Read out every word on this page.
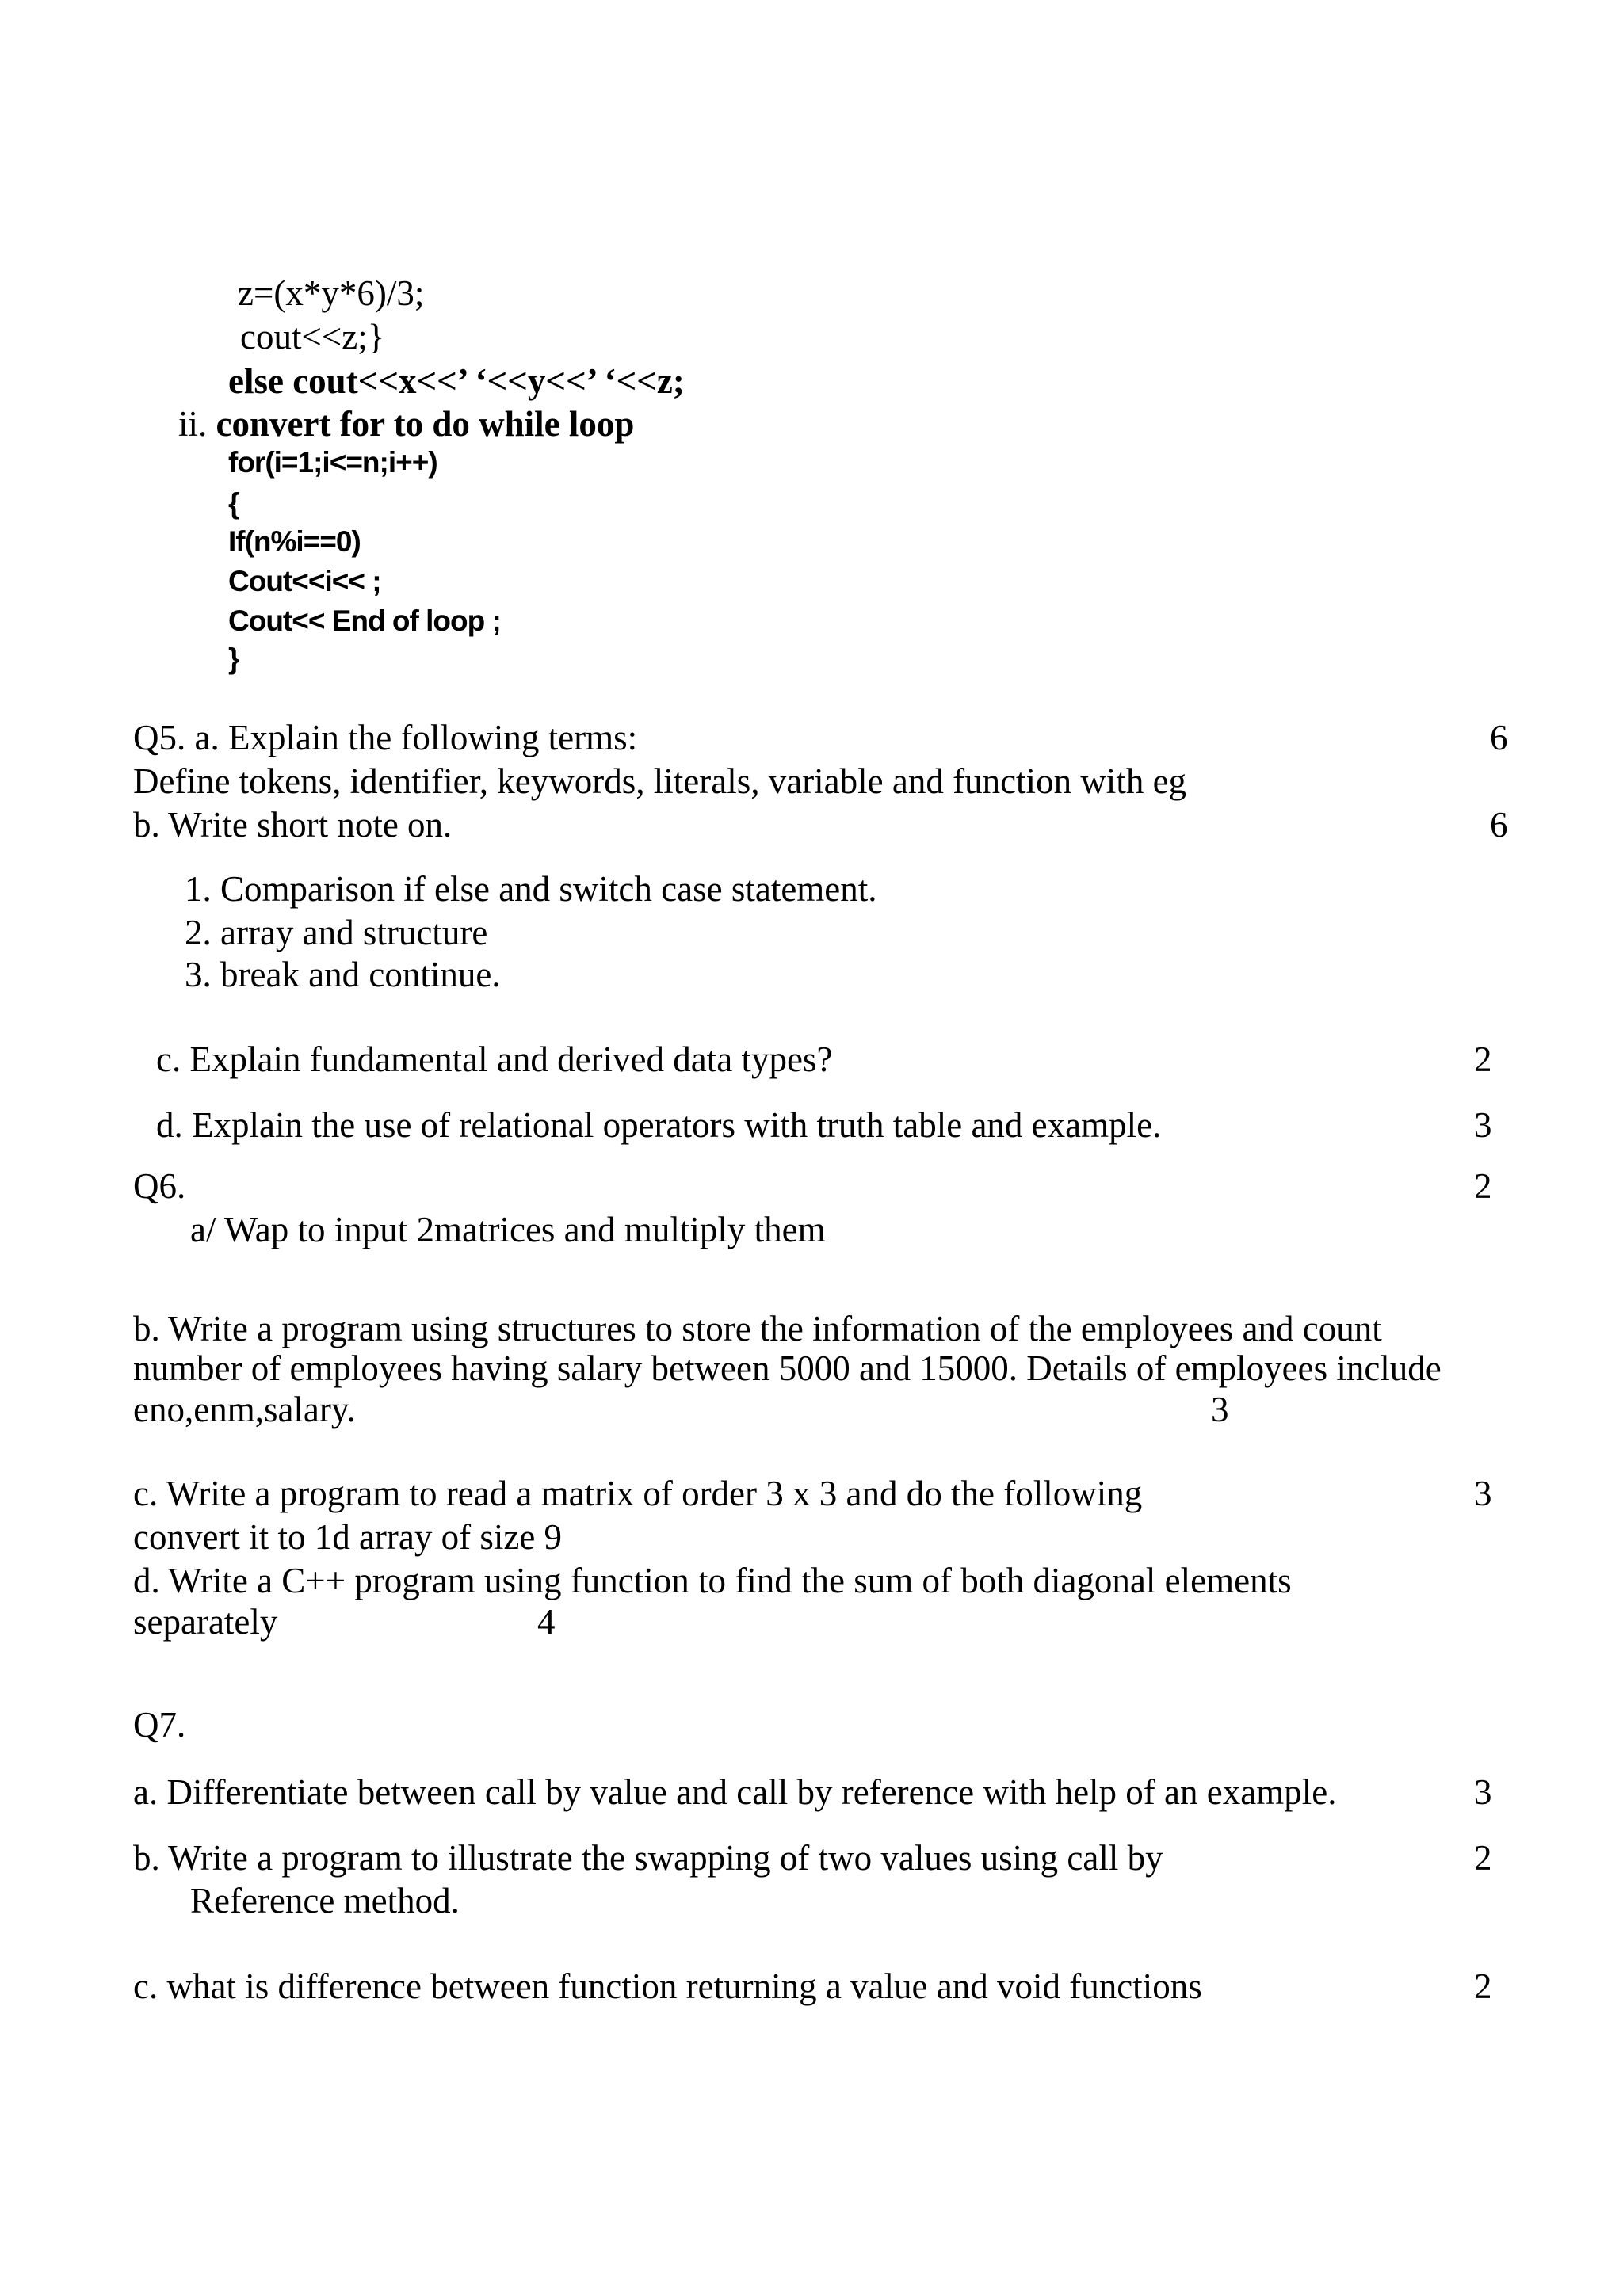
z=(x*y*6)/3;
cout<<z;}
else cout<<x<<’ ‘<<y<<’ ‘<<z;
ii. convert for to do while loop
for(i=1;i<=n;i++)
{
If(n%i==0)
Cout<<i<< ;
Cout<< End of loop ;
}
Q5. a. Explain the following terms:	6
Define tokens, identifier, keywords, literals, variable and function with eg
b. Write short note on.	6
1. Comparison if else and switch case statement.
2. array and structure
3. break and continue.
c. Explain fundamental and derived data types?	2
d. Explain the use of relational operators with truth table and example.	3
Q6.	2
a/ Wap to input 2matrices and multiply them
b. Write a program using structures to store the information of the employees and count
number of employees having salary between 5000 and 15000. Details of employees include
eno,enm,salary.	3
c. Write a program to read a matrix of order 3 x 3 and do the following	3
convert it to 1d array of size 9
d. Write a C++ program using function to find the sum of both diagonal elements
separately	4
Q7.
a. Differentiate between call by value and call by reference with help of an example.	3
b. Write a program to illustrate the swapping of two values using call by	2
Reference method.
c. what is difference between function returning a value and void functions	2
